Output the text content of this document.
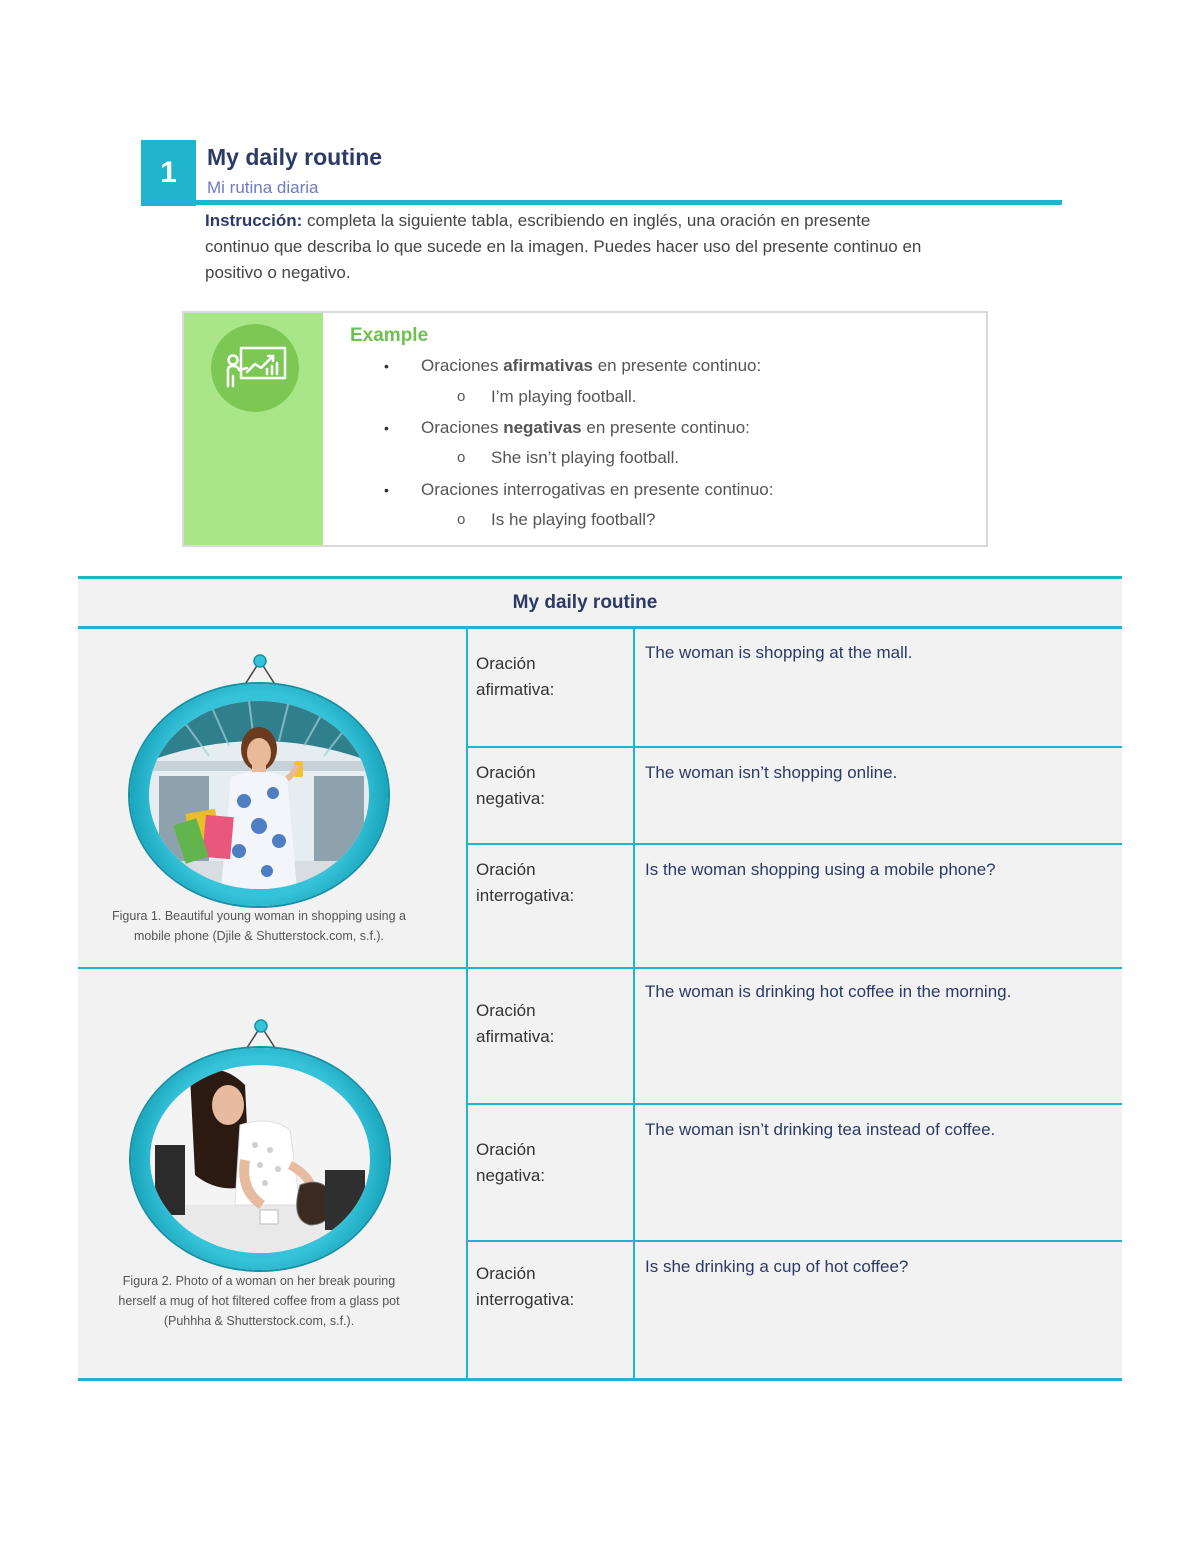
1	My daily routine
Mi rutina diaria
Instrucción: completa la siguiente tabla, escribiendo en inglés, una oración en presente
continuo que describa lo que sucede en la imagen. Puedes hacer uso del presente continuo en
positivo o negativo.
Example
• Oraciones afirmativas en presente continuo:
o I’m playing football.
• Oraciones negativas en presente continuo:
o She isn’t playing football.
• Oraciones interrogativas en presente continuo:
o Is he playing football?
My daily routine
Figura 1. Beautiful young woman in shopping using a
mobile phone (Djile & Shutterstock.com, s.f.).
Oración
afirmativa:
The woman is shopping at the mall.
Oración
negativa:
The woman isn’t shopping online.
Oración
interrogativa:
Is the woman shopping using a mobile phone?
Figura 2. Photo of a woman on her break pouring
herself a mug of hot filtered coffee from a glass pot
(Puhhha & Shutterstock.com, s.f.).
Oración
afirmativa:
The woman is drinking hot coffee in the morning.
Oración
negativa:
The woman isn’t drinking tea instead of coffee.
Oración
interrogativa:
Is she drinking a cup of hot coffee?
